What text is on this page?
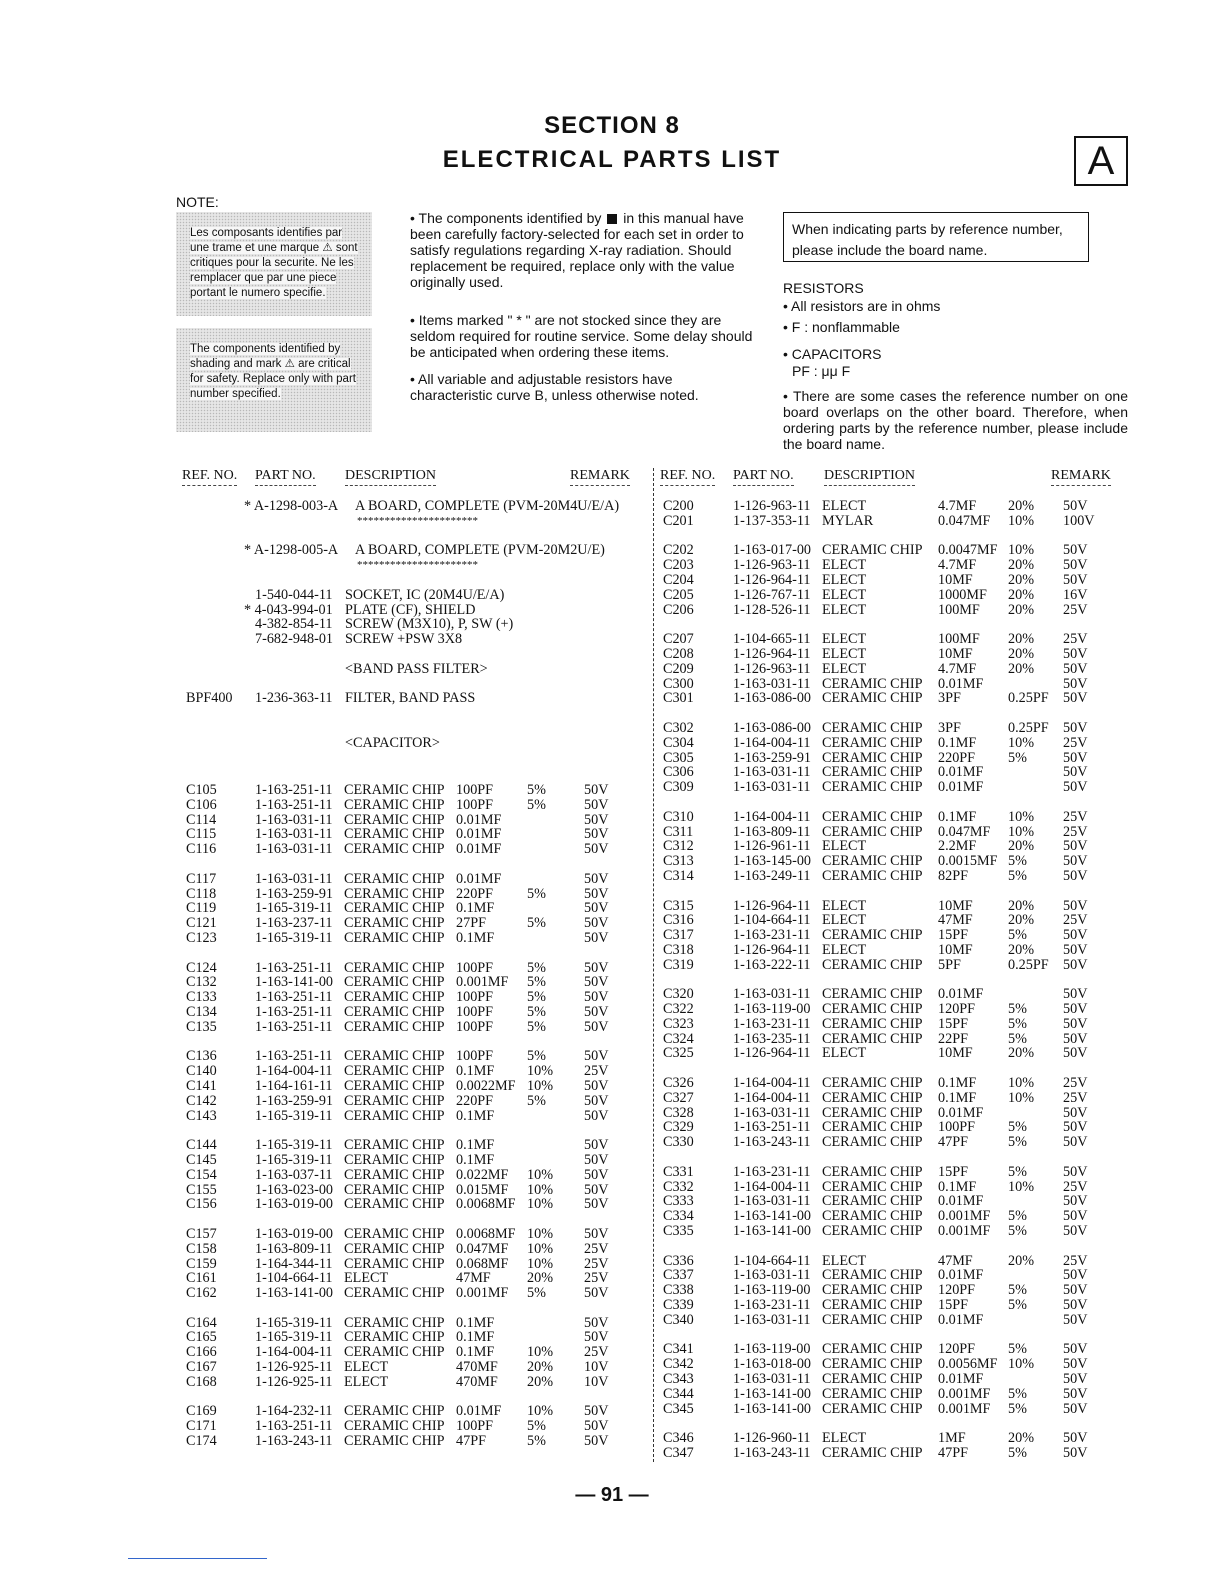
SECTION 8
ELECTRICAL PARTS LIST	A
NOTE:

Les composants identifies par une trame et une marque ⚠ sont critiques pour la securite. Ne les remplacer que par une piece portant le numero specifie.

The components identified by shading and mark ⚠ are critical for safety. Replace only with part number specified.

• The components identified by in this manual have been carefully factory-selected for each set in order to satisfy regulations regarding X-ray radiation. Should replacement be required, replace only with the value originally used.
• Items marked " * " are not stocked since they are seldom required for routine service. Some delay should be anticipated when ordering these items.
• All variable and adjustable resistors have characteristic curve B, unless otherwise noted.
When indicating parts by reference number, please include the board name.
RESISTORS
• All resistors are in ohms
• F : nonflammable
• CAPACITORS
PF : μμ F
• There are some cases the reference number on one board overlaps on the other board. Therefore, when ordering parts by the reference number, please include the board name.
REF. NO. PART NO. DESCRIPTION	REMARK REF. NO. PART NO. DESCRIPTION	REMARK
* A-1298-003-A A BOARD, COMPLETE (PVM-20M4U/E/A)
**********************
* A-1298-005-A A BOARD, COMPLETE (PVM-20M2U/E)
**********************
1-540-044-11 SOCKET, IC (20M4U/E/A)
* 4-043-994-01 PLATE (CF), SHIELD
4-382-854-11 SCREW (M3X10), P, SW (+)
7-682-948-01 SCREW +PSW 3X8
<BAND PASS FILTER>
BPF400 1-236-363-11 FILTER, BAND PASS
<CAPACITOR>
C105	1-163-251-11 CERAMIC CHIP 100PF 5%	50V
C106	1-163-251-11 CERAMIC CHIP 100PF 5%	50V
C114	1-163-031-11 CERAMIC CHIP 0.01MF	50V
C115	1-163-031-11 CERAMIC CHIP 0.01MF	50V
C116	1-163-031-11 CERAMIC CHIP 0.01MF	50V
C117	1-163-031-11 CERAMIC CHIP 0.01MF	50V
C118	1-163-259-91 CERAMIC CHIP 220PF 5%	50V
C119	1-165-319-11 CERAMIC CHIP 0.1MF	50V
C121	1-163-237-11 CERAMIC CHIP 27PF	5%	50V
C123	1-165-319-11 CERAMIC CHIP 0.1MF	50V
C124	1-163-251-11 CERAMIC CHIP 100PF 5%	50V
C132	1-163-141-00 CERAMIC CHIP 0.001MF 5%	50V
C133	1-163-251-11 CERAMIC CHIP 100PF 5%	50V
C134	1-163-251-11 CERAMIC CHIP 100PF 5%	50V
C135	1-163-251-11 CERAMIC CHIP 100PF 5%	50V
C136	1-163-251-11 CERAMIC CHIP 100PF 5%	50V
C140	1-164-004-11 CERAMIC CHIP 0.1MF 10% 25V
C141	1-164-161-11 CERAMIC CHIP 0.0022MF 10% 50V
C142	1-163-259-91 CERAMIC CHIP 220PF 5%	50V
C143	1-165-319-11 CERAMIC CHIP 0.1MF	50V
C144	1-165-319-11 CERAMIC CHIP 0.1MF	50V
C145	1-165-319-11 CERAMIC CHIP 0.1MF	50V
C154	1-163-037-11 CERAMIC CHIP 0.022MF 10% 50V
C155	1-163-023-00 CERAMIC CHIP 0.015MF 10% 50V
C156	1-163-019-00 CERAMIC CHIP 0.0068MF 10% 50V
C157	1-163-019-00 CERAMIC CHIP 0.0068MF 10% 50V
C158	1-163-809-11 CERAMIC CHIP 0.047MF 10% 25V
C159	1-164-344-11 CERAMIC CHIP 0.068MF 10% 25V
C161	1-104-664-11 ELECT	47MF	20% 25V
C162	1-163-141-00 CERAMIC CHIP 0.001MF 5%	50V
C164	1-165-319-11 CERAMIC CHIP 0.1MF	50V
C165	1-165-319-11 CERAMIC CHIP 0.1MF	50V
C166	1-164-004-11 CERAMIC CHIP 0.1MF 10% 25V
C167	1-126-925-11 ELECT	470MF 20% 10V
C168	1-126-925-11 ELECT	470MF 20% 10V
C169	1-164-232-11 CERAMIC CHIP 0.01MF 10% 50V
C171	1-163-251-11 CERAMIC CHIP 100PF 5%	50V
C174	1-163-243-11 CERAMIC CHIP 47PF	5%	50V
C200	1-126-963-11 ELECT	4.7MF 20% 50V
C201	1-137-353-11 MYLAR	0.047MF 10% 100V
C202	1-163-017-00 CERAMIC CHIP 0.0047MF 10% 50V
C203	1-126-963-11 ELECT	4.7MF 20% 50V
C204	1-126-964-11 ELECT	10MF 20% 50V
C205	1-126-767-11 ELECT	1000MF 20% 16V
C206	1-128-526-11 ELECT	100MF 20% 25V
C207	1-104-665-11 ELECT	100MF 20% 25V
C208	1-126-964-11 ELECT	10MF 20% 50V
C209	1-126-963-11 ELECT	4.7MF 20% 50V
C300	1-163-031-11 CERAMIC CHIP 0.01MF	50V
C301	1-163-086-00 CERAMIC CHIP 3PF	0.25PF 50V
C302	1-163-086-00 CERAMIC CHIP 3PF	0.25PF 50V
C304	1-164-004-11 CERAMIC CHIP 0.1MF 10% 25V
C305	1-163-259-91 CERAMIC CHIP 220PF 5%	50V
C306	1-163-031-11 CERAMIC CHIP 0.01MF	50V
C309	1-163-031-11 CERAMIC CHIP 0.01MF	50V
C310	1-164-004-11 CERAMIC CHIP 0.1MF 10% 25V
C311	1-163-809-11 CERAMIC CHIP 0.047MF 10% 25V
C312	1-126-961-11 ELECT	2.2MF 20% 50V
C313	1-163-145-00 CERAMIC CHIP 0.0015MF 5%	50V
C314	1-163-249-11 CERAMIC CHIP 82PF	5%	50V
C315	1-126-964-11 ELECT	10MF 20% 50V
C316	1-104-664-11 ELECT	47MF 20% 25V
C317	1-163-231-11 CERAMIC CHIP 15PF	5%	50V
C318	1-126-964-11 ELECT	10MF 20% 50V
C319	1-163-222-11 CERAMIC CHIP 5PF	0.25PF 50V
C320	1-163-031-11 CERAMIC CHIP 0.01MF	50V
C322	1-163-119-00 CERAMIC CHIP 120PF 5%	50V
C323	1-163-231-11 CERAMIC CHIP 15PF	5%	50V
C324	1-163-235-11 CERAMIC CHIP 22PF	5%	50V
C325	1-126-964-11 ELECT	10MF 20% 50V
C326	1-164-004-11 CERAMIC CHIP 0.1MF 10% 25V
C327	1-164-004-11 CERAMIC CHIP 0.1MF 10% 25V
C328	1-163-031-11 CERAMIC CHIP 0.01MF	50V
C329	1-163-251-11 CERAMIC CHIP 100PF 5%	50V
C330	1-163-243-11 CERAMIC CHIP 47PF	5%	50V
C331	1-163-231-11 CERAMIC CHIP 15PF	5%	50V
C332	1-164-004-11 CERAMIC CHIP 0.1MF 10% 25V
C333	1-163-031-11 CERAMIC CHIP 0.01MF	50V
C334	1-163-141-00 CERAMIC CHIP 0.001MF 5%	50V
C335	1-163-141-00 CERAMIC CHIP 0.001MF 5%	50V
C336	1-104-664-11 ELECT	47MF 20% 25V
C337	1-163-031-11 CERAMIC CHIP 0.01MF	50V
C338	1-163-119-00 CERAMIC CHIP 120PF 5%	50V
C339	1-163-231-11 CERAMIC CHIP 15PF	5%	50V
C340	1-163-031-11 CERAMIC CHIP 0.01MF	50V
C341	1-163-119-00 CERAMIC CHIP 120PF 5%	50V
C342	1-163-018-00 CERAMIC CHIP 0.0056MF 10% 50V
C343	1-163-031-11 CERAMIC CHIP 0.01MF	50V
C344	1-163-141-00 CERAMIC CHIP 0.001MF 5%	50V
C345	1-163-141-00 CERAMIC CHIP 0.001MF 5%	50V
C346	1-126-960-11 ELECT	1MF	20% 50V
C347	1-163-243-11 CERAMIC CHIP 47PF	5%	50V
— 91 —
